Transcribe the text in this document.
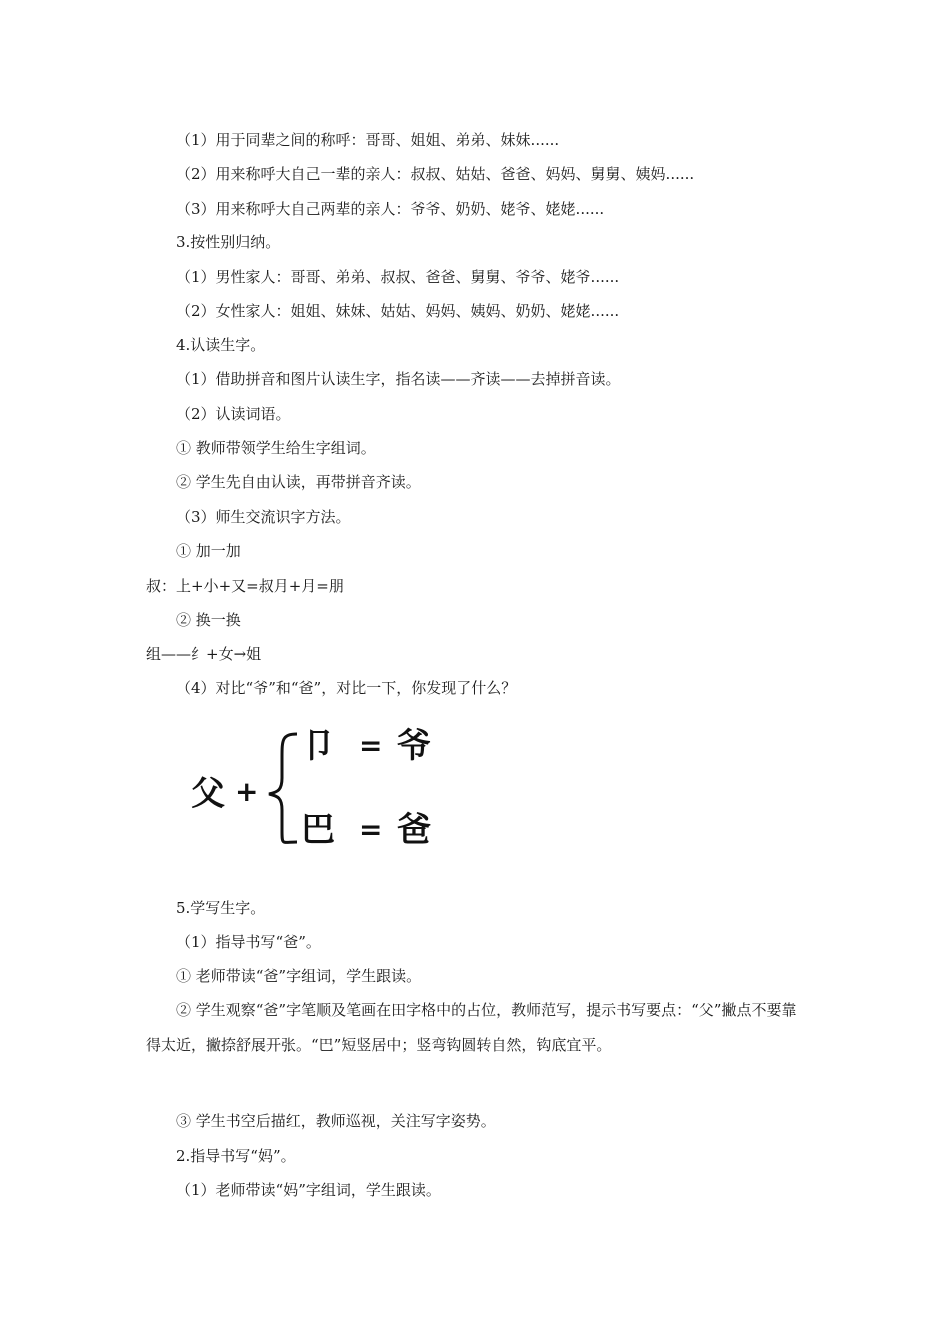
（1）用于同辈之间的称呼：哥哥、姐姐、弟弟、妹妹......
（2）用来称呼大自己一辈的亲人：叔叔、姑姑、爸爸、妈妈、舅舅、姨妈......
（3）用来称呼大自己两辈的亲人：爷爷、奶奶、姥爷、姥姥......
3.按性别归纳。
（1）男性家人：哥哥、弟弟、叔叔、爸爸、舅舅、爷爷、姥爷......
（2）女性家人：姐姐、妹妹、姑姑、妈妈、姨妈、奶奶、姥姥......
4.认读生字。
（1）借助拼音和图片认读生字，指名读——齐读——去掉拼音读。
（2）认读词语。
① 教师带领学生给生字组词。
② 学生先自由认读，再带拼音齐读。
（3）师生交流识字方法。
① 加一加
叔：上+小+又=叔月+月=朋
② 换一换
组——纟+女→姐
（4）对比“爷”和“爸”，对比一下，你发现了什么？
父 +
卩 = 爷
巴 = 爸
5.学写生字。
（1）指导书写“爸”。
① 老师带读“爸”字组词，学生跟读。
② 学生观察“爸”字笔顺及笔画在田字格中的占位，教师范写，提示书写要点：“父”撇点不要靠得太近，撇捺舒展开张。“巴”短竖居中；竖弯钩圆转自然，钩底宜平。
③ 学生书空后描红，教师巡视，关注写字姿势。
2.指导书写“妈”。
（1）老师带读“妈”字组词，学生跟读。
